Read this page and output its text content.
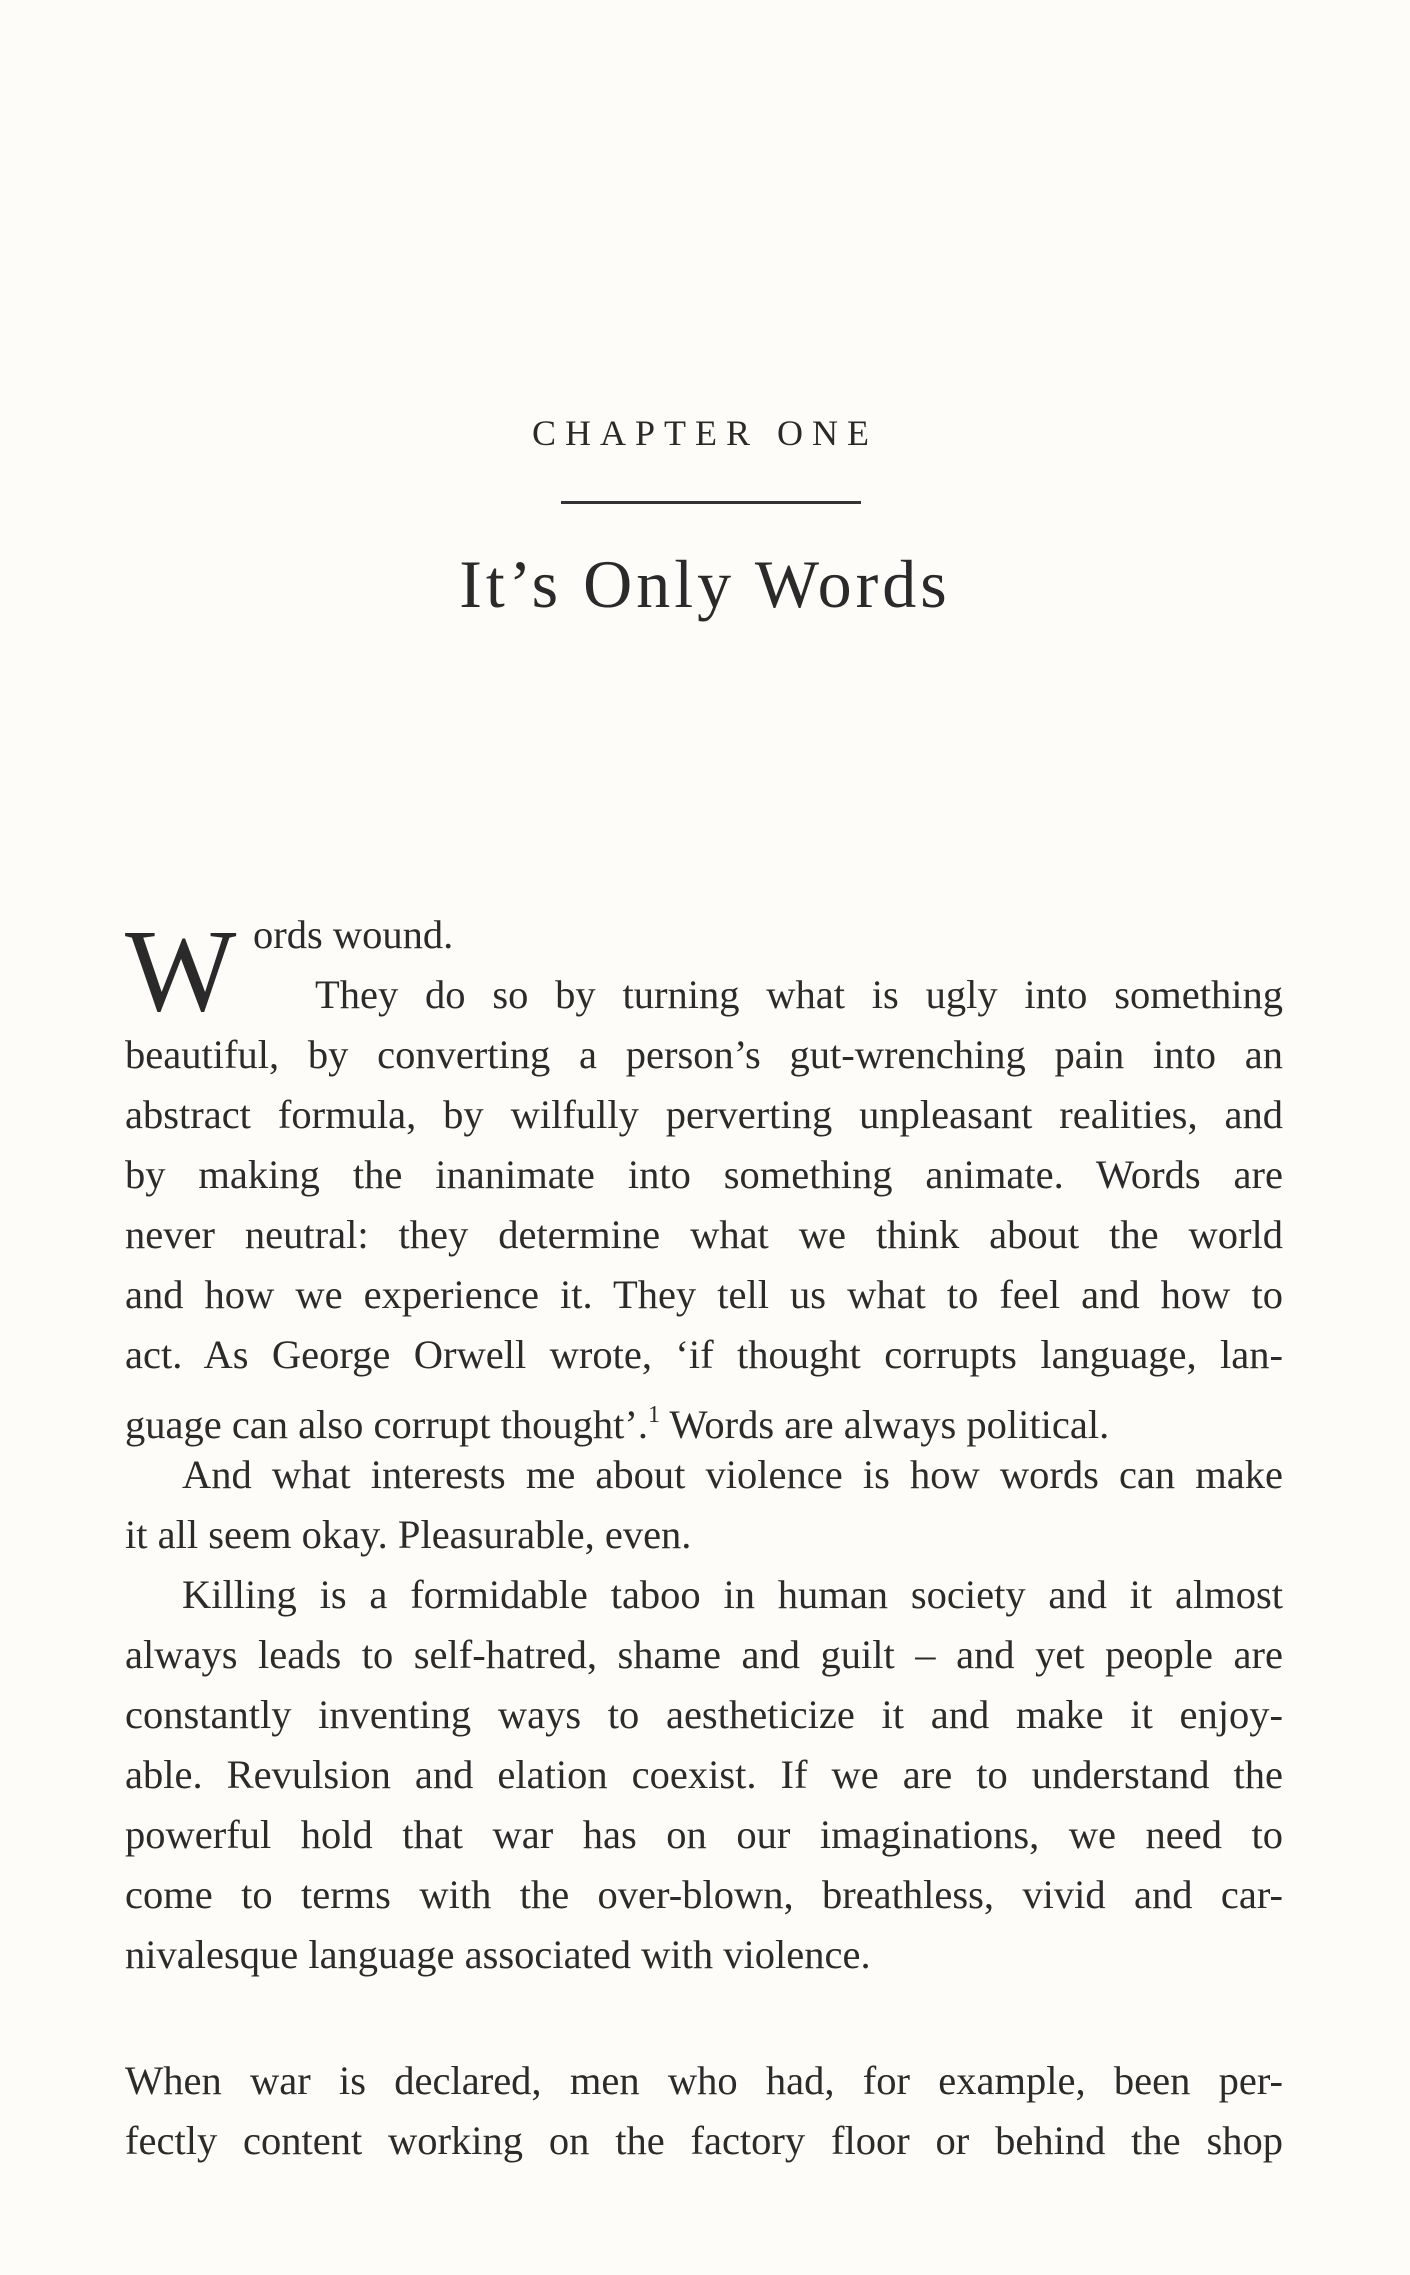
CHAPTER ONE
It’s Only Words
W ords wound.
They do so by turning what is ugly into something
beautiful, by converting a person’s gut-wrenching pain into an
abstract formula, by wilfully perverting unpleasant realities, and
by making the inanimate into something animate. Words are
never neutral: they determine what we think about the world
and how we experience it. They tell us what to feel and how to
act. As George Orwell wrote, ‘if thought corrupts language, lan-
guage can also corrupt thought’.$^1$ Words are always political.
And what interests me about violence is how words can make
it all seem okay. Pleasurable, even.
Killing is a formidable taboo in human society and it almost
always leads to self-hatred, shame and guilt – and yet people are
constantly inventing ways to aestheticize it and make it enjoy-
able. Revulsion and elation coexist. If we are to understand the
powerful hold that war has on our imaginations, we need to
come to terms with the over-blown, breathless, vivid and car-
nivalesque language associated with violence.
When war is declared, men who had, for example, been per-
fectly content working on the factory floor or behind the shop
